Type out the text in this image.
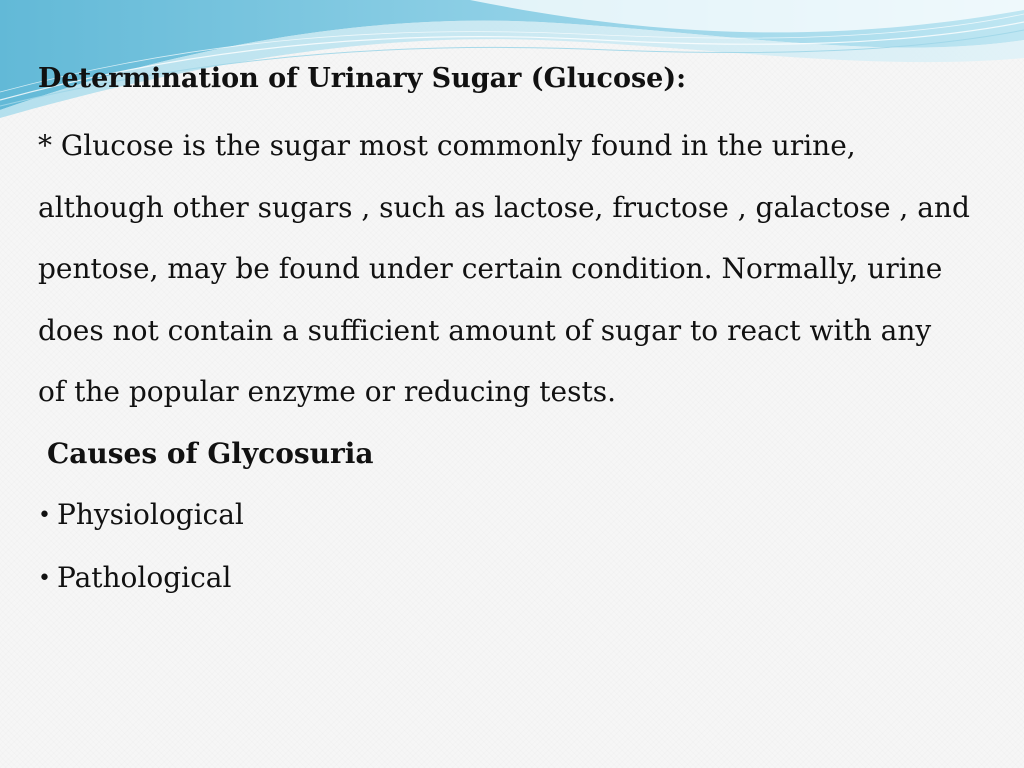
Determination of Urinary Sugar (Glucose):
* Glucose is the sugar most commonly found in the urine,
although other sugars , such as lactose, fructose , galactose , and
pentose, may be found under certain condition. Normally, urine
does not contain a sufficient amount of sugar to react with any
of the popular enzyme or reducing tests.
Causes of Glycosuria
• Physiological
• Pathological
